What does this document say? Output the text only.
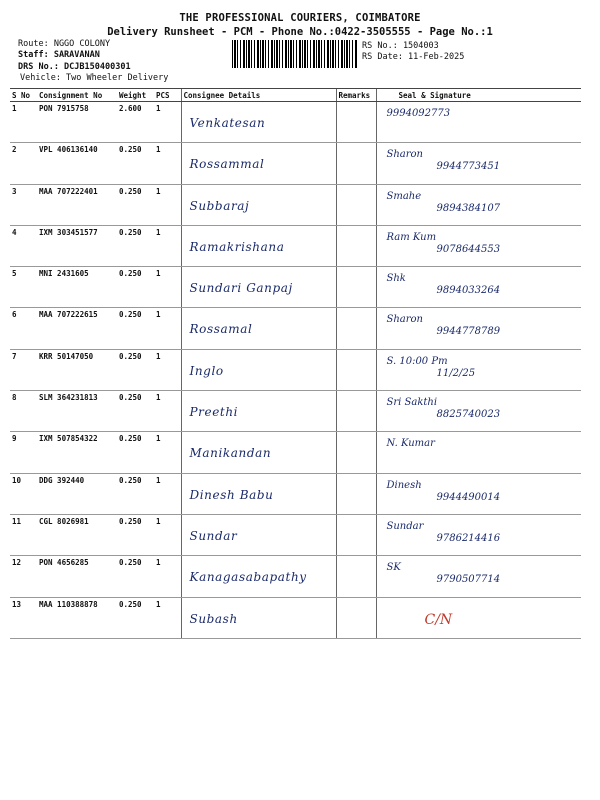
THE PROFESSIONAL COURIERS, COIMBATORE
Delivery Runsheet - PCM - Phone No.:0422-3505555 - Page No.:1
Route: NGGO COLONY
Staff: SARAVANAN
DRS No.: DCJB150400301
Vehicle: Two Wheeler Delivery
RS No.: 1504003
RS Date: 11-Feb-2025
S No	Consignment No	Weight	PCS	Consignee Details	Remarks	Seal & Signature
1	PON 7915758	2.600	1	Venkatesan		9994092773

2	VPL 406136140	0.250	1	Rossammal		Sharon
9944773451

3	MAA 707222401	0.250	1	Subbaraj		Smahe
9894384107

4	IXM 303451577	0.250	1	Ramakrishana		Ram Kum
9078644553

5	MNI 2431605	0.250	1	Sundari Ganpaj		Shk
9894033264

6	MAA 707222615	0.250	1	Rossamal		Sharon
9944778789

7	KRR 50147050	0.250	1	Inglo		S. 10:00 Pm
11/2/25

8	SLM 364231813	0.250	1	Preethi		Sri Sakthi
8825740023

9	IXM 507854322	0.250	1	Manikandan		N. Kumar

10	DDG 392440	0.250	1	Dinesh Babu		Dinesh
9944490014

11	CGL 8026981	0.250	1	Sundar		Sundar
9786214416

12	PON 4656285	0.250	1	Kanagasabapathy		SK
9790507714

13	MAA 110388878	0.250	1	Subash		C/N
